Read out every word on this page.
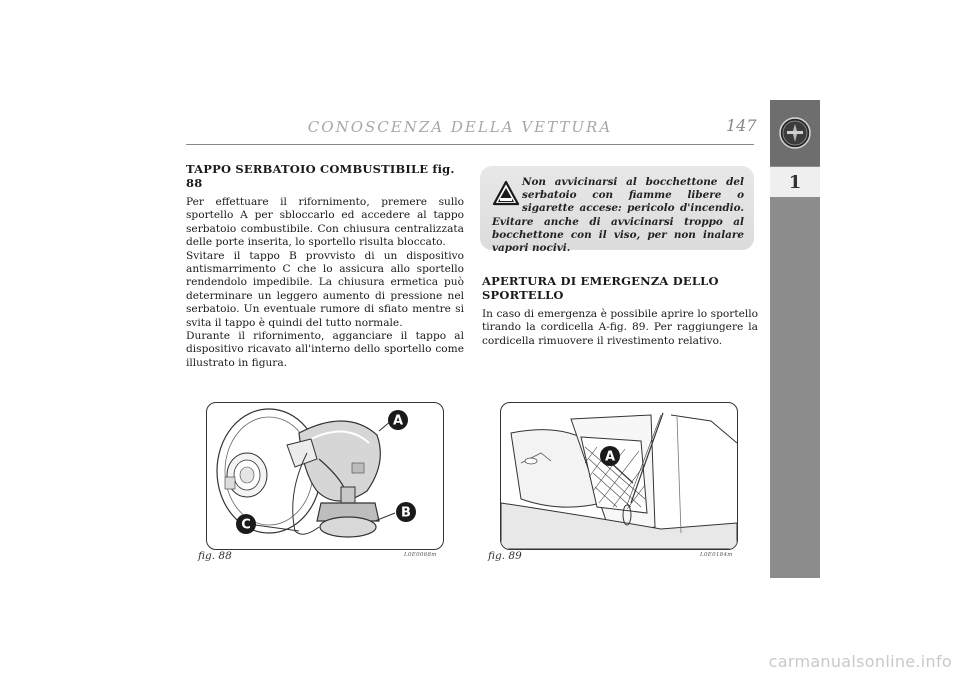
CONOSCENZA DELLA VETTURA	147
1
TAPPO SERBATOIO COMBUSTIBILE fig. 88

Per effettuare il rifornimento, premere sullo sportello A per sbloccarlo ed accedere al tappo serbatoio combustibile. Con chiusura centralizzata delle porte inserita, lo sportello risulta bloccato.

Svitare il tappo B provvisto di un dispositivo antismarrimento C che lo assicura allo sportello rendendolo impedibile. La chiusura ermetica può determinare un leggero aumento di pressione nel serbatoio. Un eventuale rumore di sfiato mentre si svita il tappo è quindi del tutto normale.

Durante il rifornimento, agganciare il tappo al dispositivo ricavato all'interno dello sportello come illustrato in figura.

Non avvicinarsi al bocchettone del serbatoio con fiamme libere o sigarette accese: pericolo d'incendio. Evitare anche di avvicinarsi troppo al bocchettone con il viso, per non inalare vapori nocivi.
APERTURA DI EMERGENZA DELLO SPORTELLO

In caso di emergenza è possibile aprire lo sportello tirando la cordicella A-fig. 89. Per raggiungere la cordicella rimuovere il rivestimento relativo.

A
B
C
fig. 88	L0E0068m
A
fig. 89	L0E0184m
carmanualsonline.info
